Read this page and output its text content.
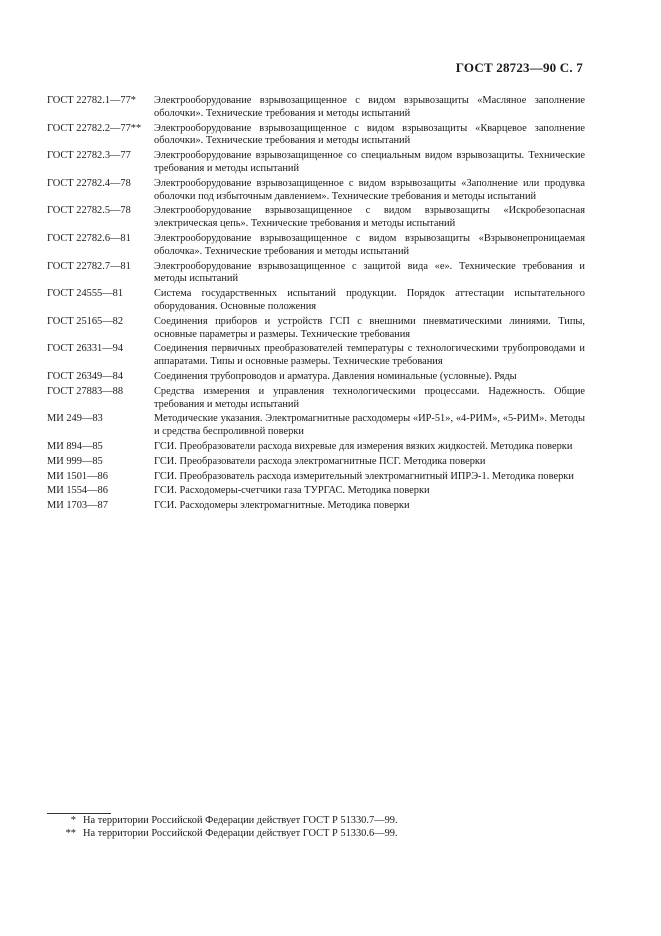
ГОСТ 28723—90 С. 7
ГОСТ 22782.1—77*	Электрооборудование взрывозащищенное с видом взрывозащиты «Масляное заполнение оболочки». Технические требования и методы испытаний
ГОСТ 22782.2—77**	Электрооборудование взрывозащищенное с видом взрывозащиты «Кварцевое заполнение оболочки». Технические требования и методы испытаний
ГОСТ 22782.3—77	Электрооборудование взрывозащищенное со специальным видом взрывозащиты. Технические требования и методы испытаний
ГОСТ 22782.4—78	Электрооборудование взрывозащищенное с видом взрывозащиты «Заполнение или продувка оболочки под избыточным давлением». Технические требования и методы испытаний
ГОСТ 22782.5—78	Электрооборудование взрывозащищенное с видом взрывозащиты «Искробезопасная электрическая цепь». Технические требования и методы испытаний
ГОСТ 22782.6—81	Электрооборудование взрывозащищенное с видом взрывозащиты «Взрывонепроницаемая оболочка». Технические требования и методы испытаний
ГОСТ 22782.7—81	Электрооборудование взрывозащищенное с защитой вида «е». Технические требования и методы испытаний
ГОСТ 24555—81	Система государственных испытаний продукции. Порядок аттестации испытательного оборудования. Основные положения
ГОСТ 25165—82	Соединения приборов и устройств ГСП с внешними пневматическими линиями. Типы, основные параметры и размеры. Технические требования
ГОСТ 26331—94	Соединения первичных преобразователей температуры с технологическими трубопроводами и аппаратами. Типы и основные размеры. Технические требования
ГОСТ 26349—84	Соединения трубопроводов и арматура. Давления номинальные (условные). Ряды
ГОСТ 27883—88	Средства измерения и управления технологическими процессами. Надежность. Общие требования и методы испытаний
МИ 249—83	Методические указания. Электромагнитные расходомеры «ИР-51», «4-РИМ», «5-РИМ». Методы и средства беспроливной поверки
МИ 894—85	ГСИ. Преобразователи расхода вихревые для измерения вязких жидкостей. Методика поверки
МИ 999—85	ГСИ. Преобразователи расхода электромагнитные ПСГ. Методика поверки
МИ 1501—86	ГСИ. Преобразователь расхода измерительный электромагнитный ИПРЭ-1. Методика поверки
МИ 1554—86	ГСИ. Расходомеры-счетчики газа ТУРГАС. Методика поверки
МИ 1703—87	ГСИ. Расходомеры электромагнитные. Методика поверки
* На территории Российской Федерации действует ГОСТ Р 51330.7—99.
** На территории Российской Федерации действует ГОСТ Р 51330.6—99.
